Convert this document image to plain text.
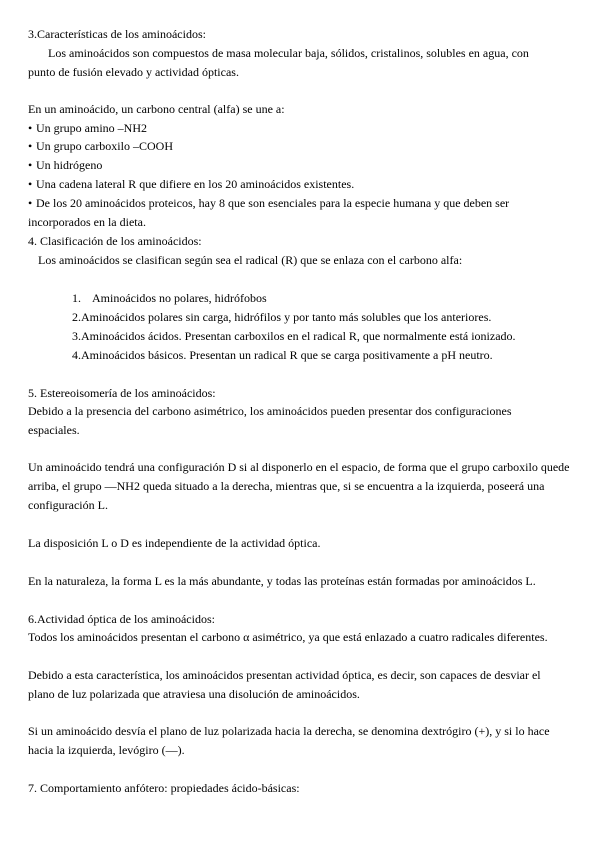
3.Características de los aminoácidos:
Los aminoácidos son compuestos de masa molecular baja, sólidos, cristalinos, solubles en agua, con
punto de fusión elevado y actividad ópticas.
En un aminoácido, un carbono central (alfa) se une a:
• Un grupo amino –NH2
• Un grupo carboxilo –COOH
• Un hidrógeno
• Una cadena lateral R que difiere en los 20 aminoácidos existentes.
• De los 20 aminoácidos proteicos, hay 8 que son esenciales para la especie humana y que deben ser
incorporados en la dieta.
4. Clasificación de los aminoácidos:
Los aminoácidos se clasifican según sea el radical (R) que se enlaza con el carbono alfa:
1. Aminoácidos no polares, hidrófobos
2.Aminoácidos polares sin carga, hidrófilos y por tanto más solubles que los anteriores.
3.Aminoácidos ácidos. Presentan carboxilos en el radical R, que normalmente está ionizado.
4.Aminoácidos básicos. Presentan un radical R que se carga positivamente a pH neutro.
5. Estereoisomería de los aminoácidos:
Debido a la presencia del carbono asimétrico, los aminoácidos pueden presentar dos configuraciones
espaciales.
Un aminoácido tendrá una configuración D si al disponerlo en el espacio, de forma que el grupo carboxilo quede
arriba, el grupo —NH2 queda situado a la derecha, mientras que, si se encuentra a la izquierda, poseerá una
configuración L.
La disposición L o D es independiente de la actividad óptica.
En la naturaleza, la forma L es la más abundante, y todas las proteínas están formadas por aminoácidos L.
6.Actividad óptica de los aminoácidos:
Todos los aminoácidos presentan el carbono α asimétrico, ya que está enlazado a cuatro radicales diferentes.
Debido a esta característica, los aminoácidos presentan actividad óptica, es decir, son capaces de desviar el
plano de luz polarizada que atraviesa una disolución de aminoácidos.
Si un aminoácido desvía el plano de luz polarizada hacia la derecha, se denomina dextrógiro (+), y si lo hace
hacia la izquierda, levógiro (—).
7. Comportamiento anfótero: propiedades ácido-básicas:
